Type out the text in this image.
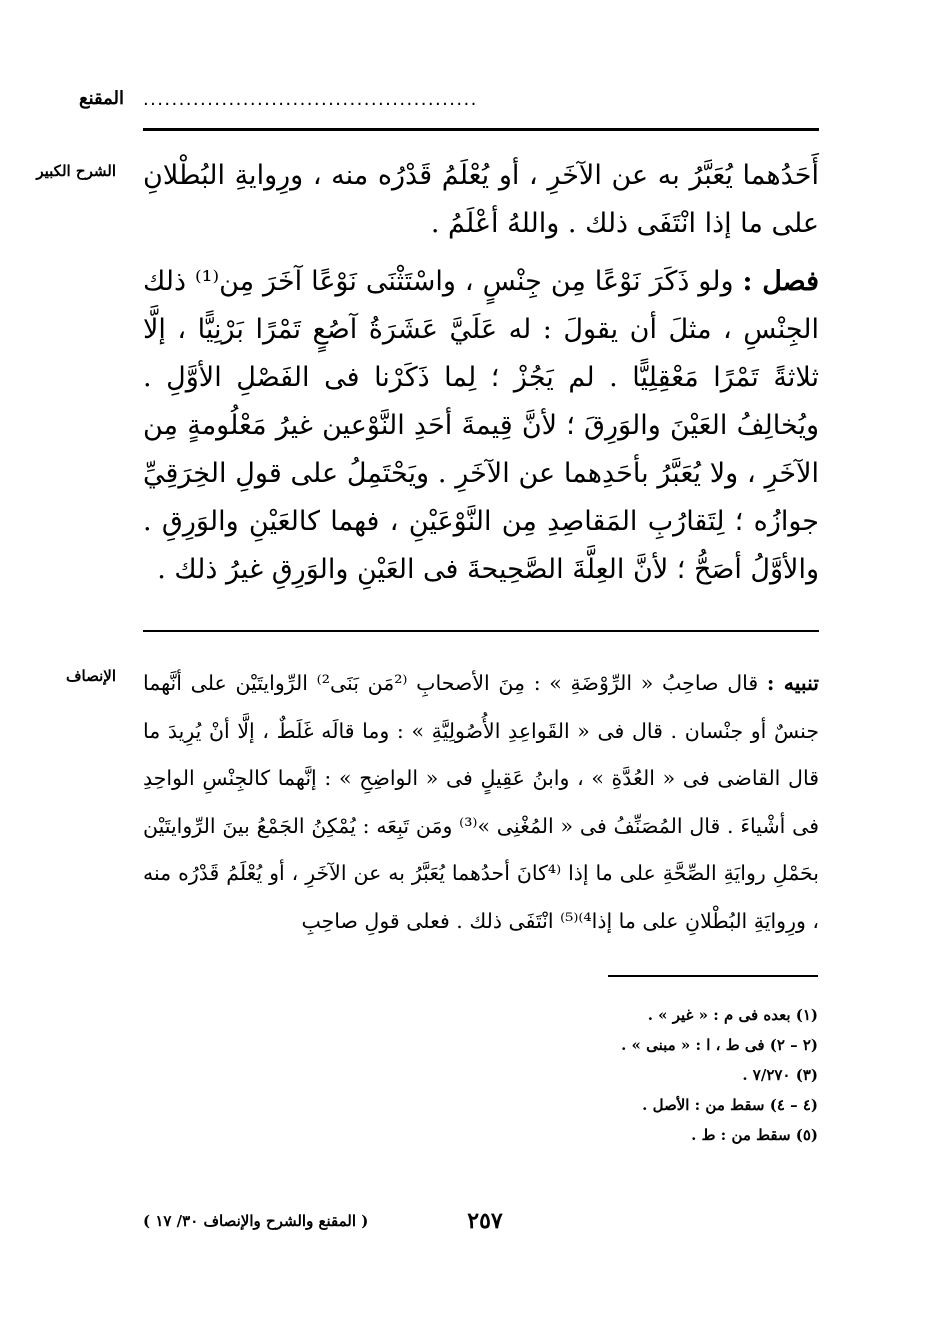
المقنع ...............................................
الشرح الكبير أَحَدُهما يُعَبَّرُ به عن الآخَرِ ، أو يُعْلَمُ قَدْرُه منه ، ورِوايةِ البُطْلانِ على ما إذا انْتَفَى ذلك . واللهُ أعْلَمُ .

فصل : ولو ذَكَرَ نَوْعًا مِن جِنْسٍ ، واسْتَثْنَى نَوْعًا آخَرَ مِن⁽¹⁾ ذلك الجِنْسِ ، مثلَ أن يقولَ : له عَلَيَّ عَشَرَةُ آصُعٍ تَمْرًا بَرْنِيًّا ، إلَّا ثلاثةً تَمْرًا مَعْقِلِيًّا . لم يَجُزْ ؛ لِما ذَكَرْنا فى الفَصْلِ الأوَّلِ . ويُخالِفُ العَيْنَ والوَرِقَ ؛ لأنَّ قِيمةَ أحَدِ النَّوْعين غيرُ مَعْلُومةٍ مِن الآخَرِ ، ولا يُعَبَّرُ بأحَدِهما عن الآخَرِ . ويَحْتَمِلُ على قولِ الخِرَقِيِّ جوازُه ؛ لِتَقارُبِ المَقاصِدِ مِن النَّوْعَيْنِ ، فهما كالعَيْنِ والوَرِقِ . والأوَّلُ أصَحُّ ؛ لأنَّ العِلَّةَ الصَّحِيحةَ فى العَيْنِ والوَرِقِ غيرُ ذلك .

الإنصاف	تنبيه : قال صاحِبُ « الرِّوْضَةِ » : مِنَ الأصحابِ ⁽²مَن بَنَى²⁾ الرِّوايتَيْن على أنَّهما جنسٌ أو جنْسان . قال فى « القَواعِدِ الأُصُولِيَّةِ » : وما قالَه غَلَطٌ ، إلَّا أنْ يُرِيدَ ما قال القاضى فى « العُدَّةِ » ، وابنُ عَقِيلٍ فى « الواضِحِ » : إنَّهما كالجِنْسِ الواحِدِ فى أشْياءَ . قال المُصَنِّفُ فى « المُغْنِى »⁽³⁾ ومَن تَبِعَه : يُمْكِنُ الجَمْعُ بينَ الرِّوايتَيْن بحَمْلِ روايَةِ الصِّحَّةِ على ما إذا ⁽⁴كانَ أحدُهما يُعَبَّرُ به عن الآخَرِ ، أو يُعْلَمُ قَدْرُه منه ، ورِوايَةِ البُطْلانِ على ما إذا⁴⁾⁽⁵⁾ انْتَفَى ذلك . فعلى قولِ صاحِبِ

(١) بعده فى م : « غير » .
(٢ – ٢) فى ط ، ا : « مبنى » .
(٣) ٧/٢٧٠ .
(٤ – ٤) سقط من : الأصل .
(٥) سقط من : ط .
٢٥٧
( المقنع والشرح والإنصاف ٣٠/ ١٧ )
